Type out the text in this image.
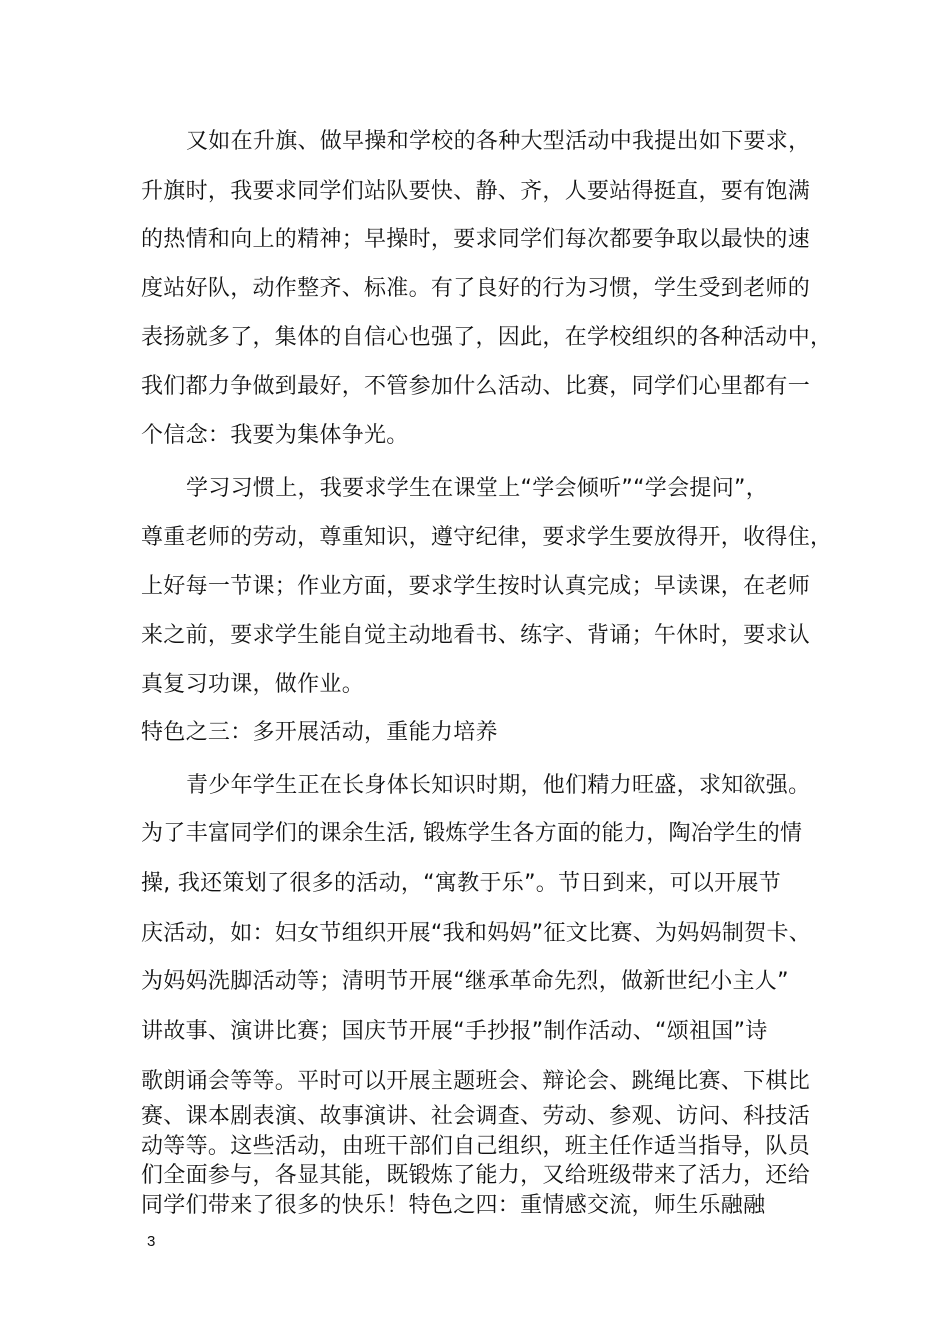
又如在升旗、做早操和学校的各种大型活动中我提出如下要求，
升旗时，我要求同学们站队要快、静、齐，人要站得挺直，要有饱满
的热情和向上的精神；早操时，要求同学们每次都要争取以最快的速
度站好队，动作整齐、标准。有了良好的行为习惯，学生受到老师的
表扬就多了，集体的自信心也强了，因此，在学校组织的各种活动中，
我们都力争做到最好，不管参加什么活动、比赛，同学们心里都有一
个信念：我要为集体争光。
学习习惯上，我要求学生在课堂上“学会倾听”“学会提问”，
尊重老师的劳动，尊重知识，遵守纪律，要求学生要放得开，收得住，
上好每一节课；作业方面，要求学生按时认真完成；早读课，在老师
来之前，要求学生能自觉主动地看书、练字、背诵；午休时，要求认
真复习功课，做作业。
特色之三：多开展活动，重能力培养
青少年学生正在长身体长知识时期，他们精力旺盛，求知欲强。
为了丰富同学们的课余生活, 锻炼学生各方面的能力，陶冶学生的情
操, 我还策划了很多的活动，“寓教于乐”。节日到来，可以开展节
庆活动，如：妇女节组织开展“我和妈妈”征文比赛、为妈妈制贺卡、
为妈妈洗脚活动等；清明节开展“继承革命先烈，做新世纪小主人”
讲故事、演讲比赛；国庆节开展“手抄报”制作活动、“颂祖国”诗
歌朗诵会等等。平时可以开展主题班会、辩论会、跳绳比赛、下棋比
赛、课本剧表演、故事演讲、社会调查、劳动、参观、访问、科技活
动等等。这些活动，由班干部们自己组织，班主任作适当指导，队员
们全面参与，各显其能，既锻炼了能力，又给班级带来了活力，还给
同学们带来了很多的快乐！特色之四：重情感交流，师生乐融融
3
